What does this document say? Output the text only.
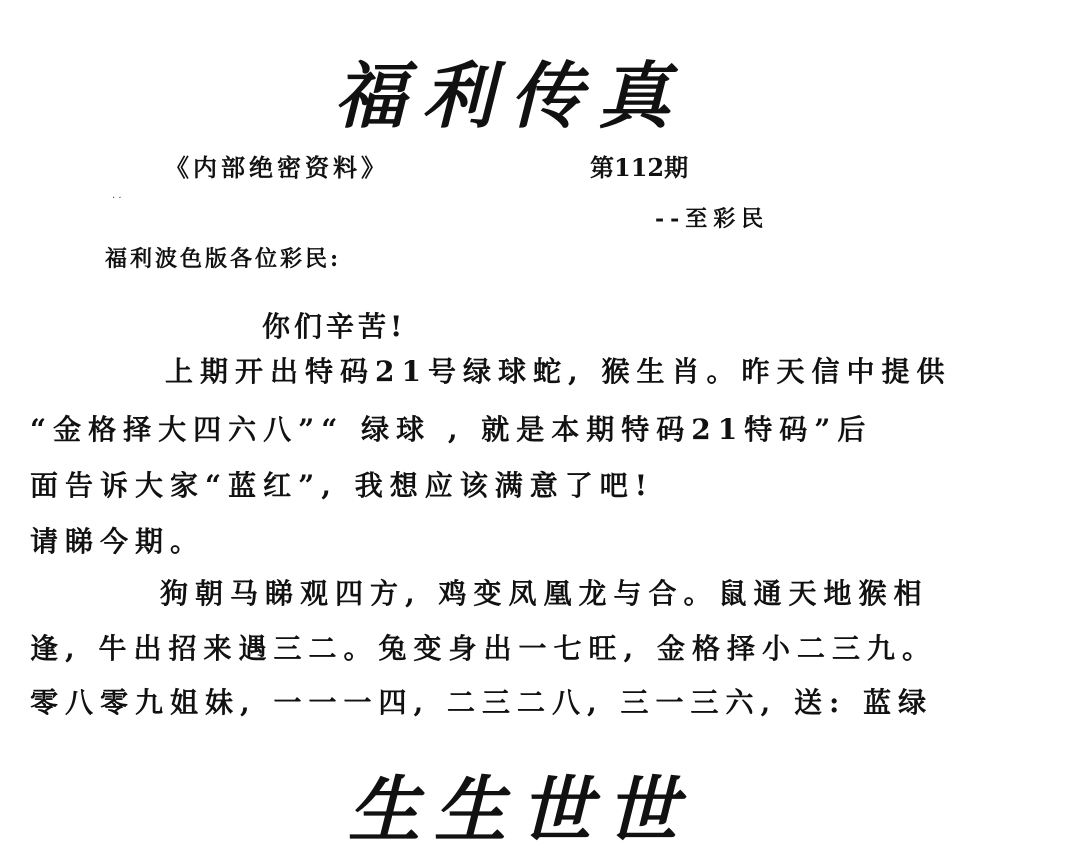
福利传真
《内部绝密资料》	第112期
. .
--至彩民
福利波色版各位彩民:
你们辛苦!
上期开出特码21号绿球蛇, 猴生肖。昨天信中提供
“金格择大四六八”“ 绿球 , 就是本期特码21特码”后
面告诉大家“蓝红”, 我想应该满意了吧!
请睇今期。
狗朝马睇观四方, 鸡变凤凰龙与合。鼠通天地猴相
逢, 牛出招来遇三二。兔变身出一七旺, 金格择小二三九。
零八零九姐妹, 一一一四, 二三二八, 三一三六, 送: 蓝绿
生生世世
